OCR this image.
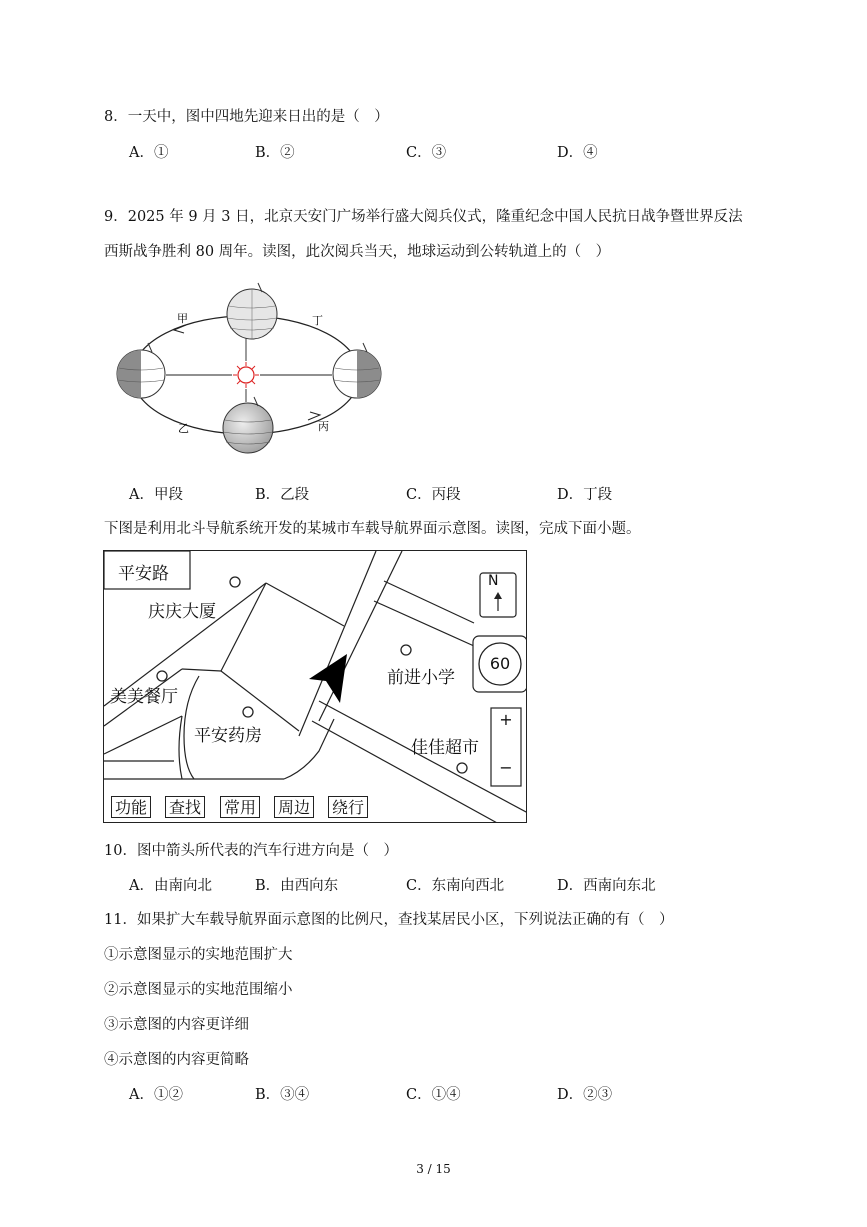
8．一天中，图中四地先迎来日出的是（　）
A．①	B．②	C．③	D．④
9．2025 年 9 月 3 日，北京天安门广场举行盛大阅兵仪式，隆重纪念中国人民抗日战争暨世界反法
西斯战争胜利 80 周年。读图，此次阅兵当天，地球运动到公转轨道上的（　）
甲	丁
乙	丙
A．甲段	B．乙段	C．丙段	D．丁段
下图是利用北斗导航系统开发的某城市车载导航界面示意图。读图，完成下面小题。
平安路
庆庆大厦
美美餐厅
平安药房
前进小学
佳佳超市
N
60
+
−
功能 查找 常用 周边 绕行
10．图中箭头所代表的汽车行进方向是（　）
A．由南向北	B．由西向东	C．东南向西北	D．西南向东北
11．如果扩大车载导航界面示意图的比例尺，查找某居民小区，下列说法正确的有（　）
①示意图显示的实地范围扩大
②示意图显示的实地范围缩小
③示意图的内容更详细
④示意图的内容更简略
A．①②	B．③④	C．①④	D．②③
3 / 15
